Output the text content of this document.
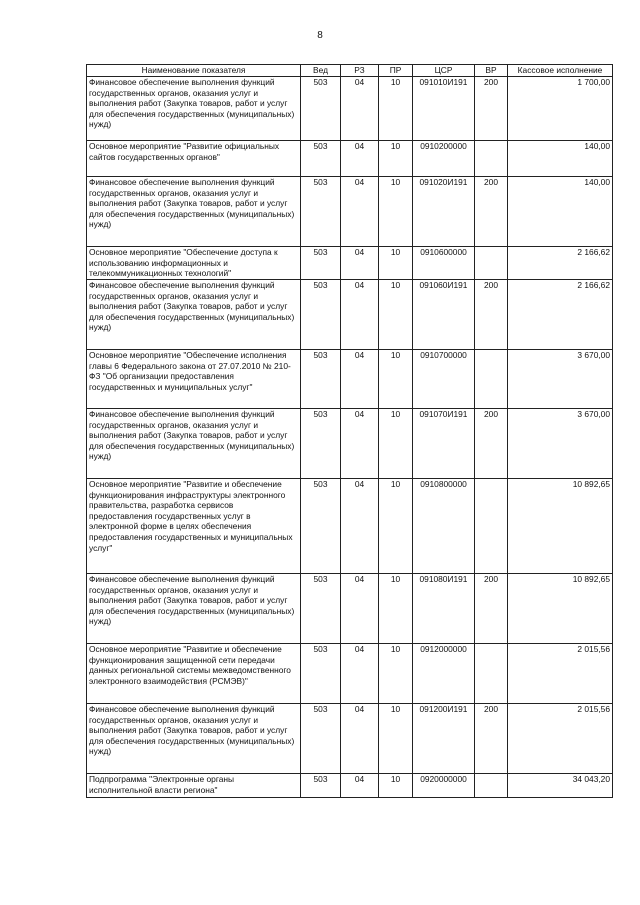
8
Наименование показателя	Вед	РЗ	ПР	ЦСР	ВР	Кассовое исполнение
Финансовое обеспечение выполнения функций государственных органов, оказания услуг и выполнения работ (Закупка товаров, работ и услуг для обеспечения государственных (муниципальных) нужд)	503	04	10	091010И191	200	1 700,00
Основное мероприятие "Развитие официальных сайтов государственных органов"	503	04	10	0910200000		140,00
Финансовое обеспечение выполнения функций государственных органов, оказания услуг и выполнения работ (Закупка товаров, работ и услуг для обеспечения государственных (муниципальных) нужд)	503	04	10	091020И191	200	140,00
Основное мероприятие "Обеспечение доступа к использованию информационных и телекоммуникационных технологий"	503	04	10	0910600000		2 166,62
Финансовое обеспечение выполнения функций государственных органов, оказания услуг и выполнения работ (Закупка товаров, работ и услуг для обеспечения государственных (муниципальных) нужд)	503	04	10	091060И191	200	2 166,62
Основное мероприятие "Обеспечение исполнения главы 6 Федерального закона от 27.07.2010 № 210-ФЗ "Об организации предоставления государственных и муниципальных услуг"	503	04	10	0910700000		3 670,00
Финансовое обеспечение выполнения функций государственных органов, оказания услуг и выполнения работ (Закупка товаров, работ и услуг для обеспечения государственных (муниципальных) нужд)	503	04	10	091070И191	200	3 670,00
Основное мероприятие "Развитие и обеспечение функционирования инфраструктуры электронного правительства, разработка сервисов предоставления государственных услуг в электронной форме в целях обеспечения предоставления государственных и муниципальных услуг"	503	04	10	0910800000		10 892,65
Финансовое обеспечение выполнения функций государственных органов, оказания услуг и выполнения работ (Закупка товаров, работ и услуг для обеспечения государственных (муниципальных) нужд)	503	04	10	091080И191	200	10 892,65
Основное мероприятие "Развитие и обеспечение функционирования защищенной сети передачи данных региональной системы межведомственного электронного взаимодействия (РСМЭВ)"	503	04	10	0912000000		2 015,56
Финансовое обеспечение выполнения функций государственных органов, оказания услуг и выполнения работ (Закупка товаров, работ и услуг для обеспечения государственных (муниципальных) нужд)	503	04	10	091200И191	200	2 015,56
Подпрограмма "Электронные органы исполнительной власти региона"	503	04	10	0920000000		34 043,20
